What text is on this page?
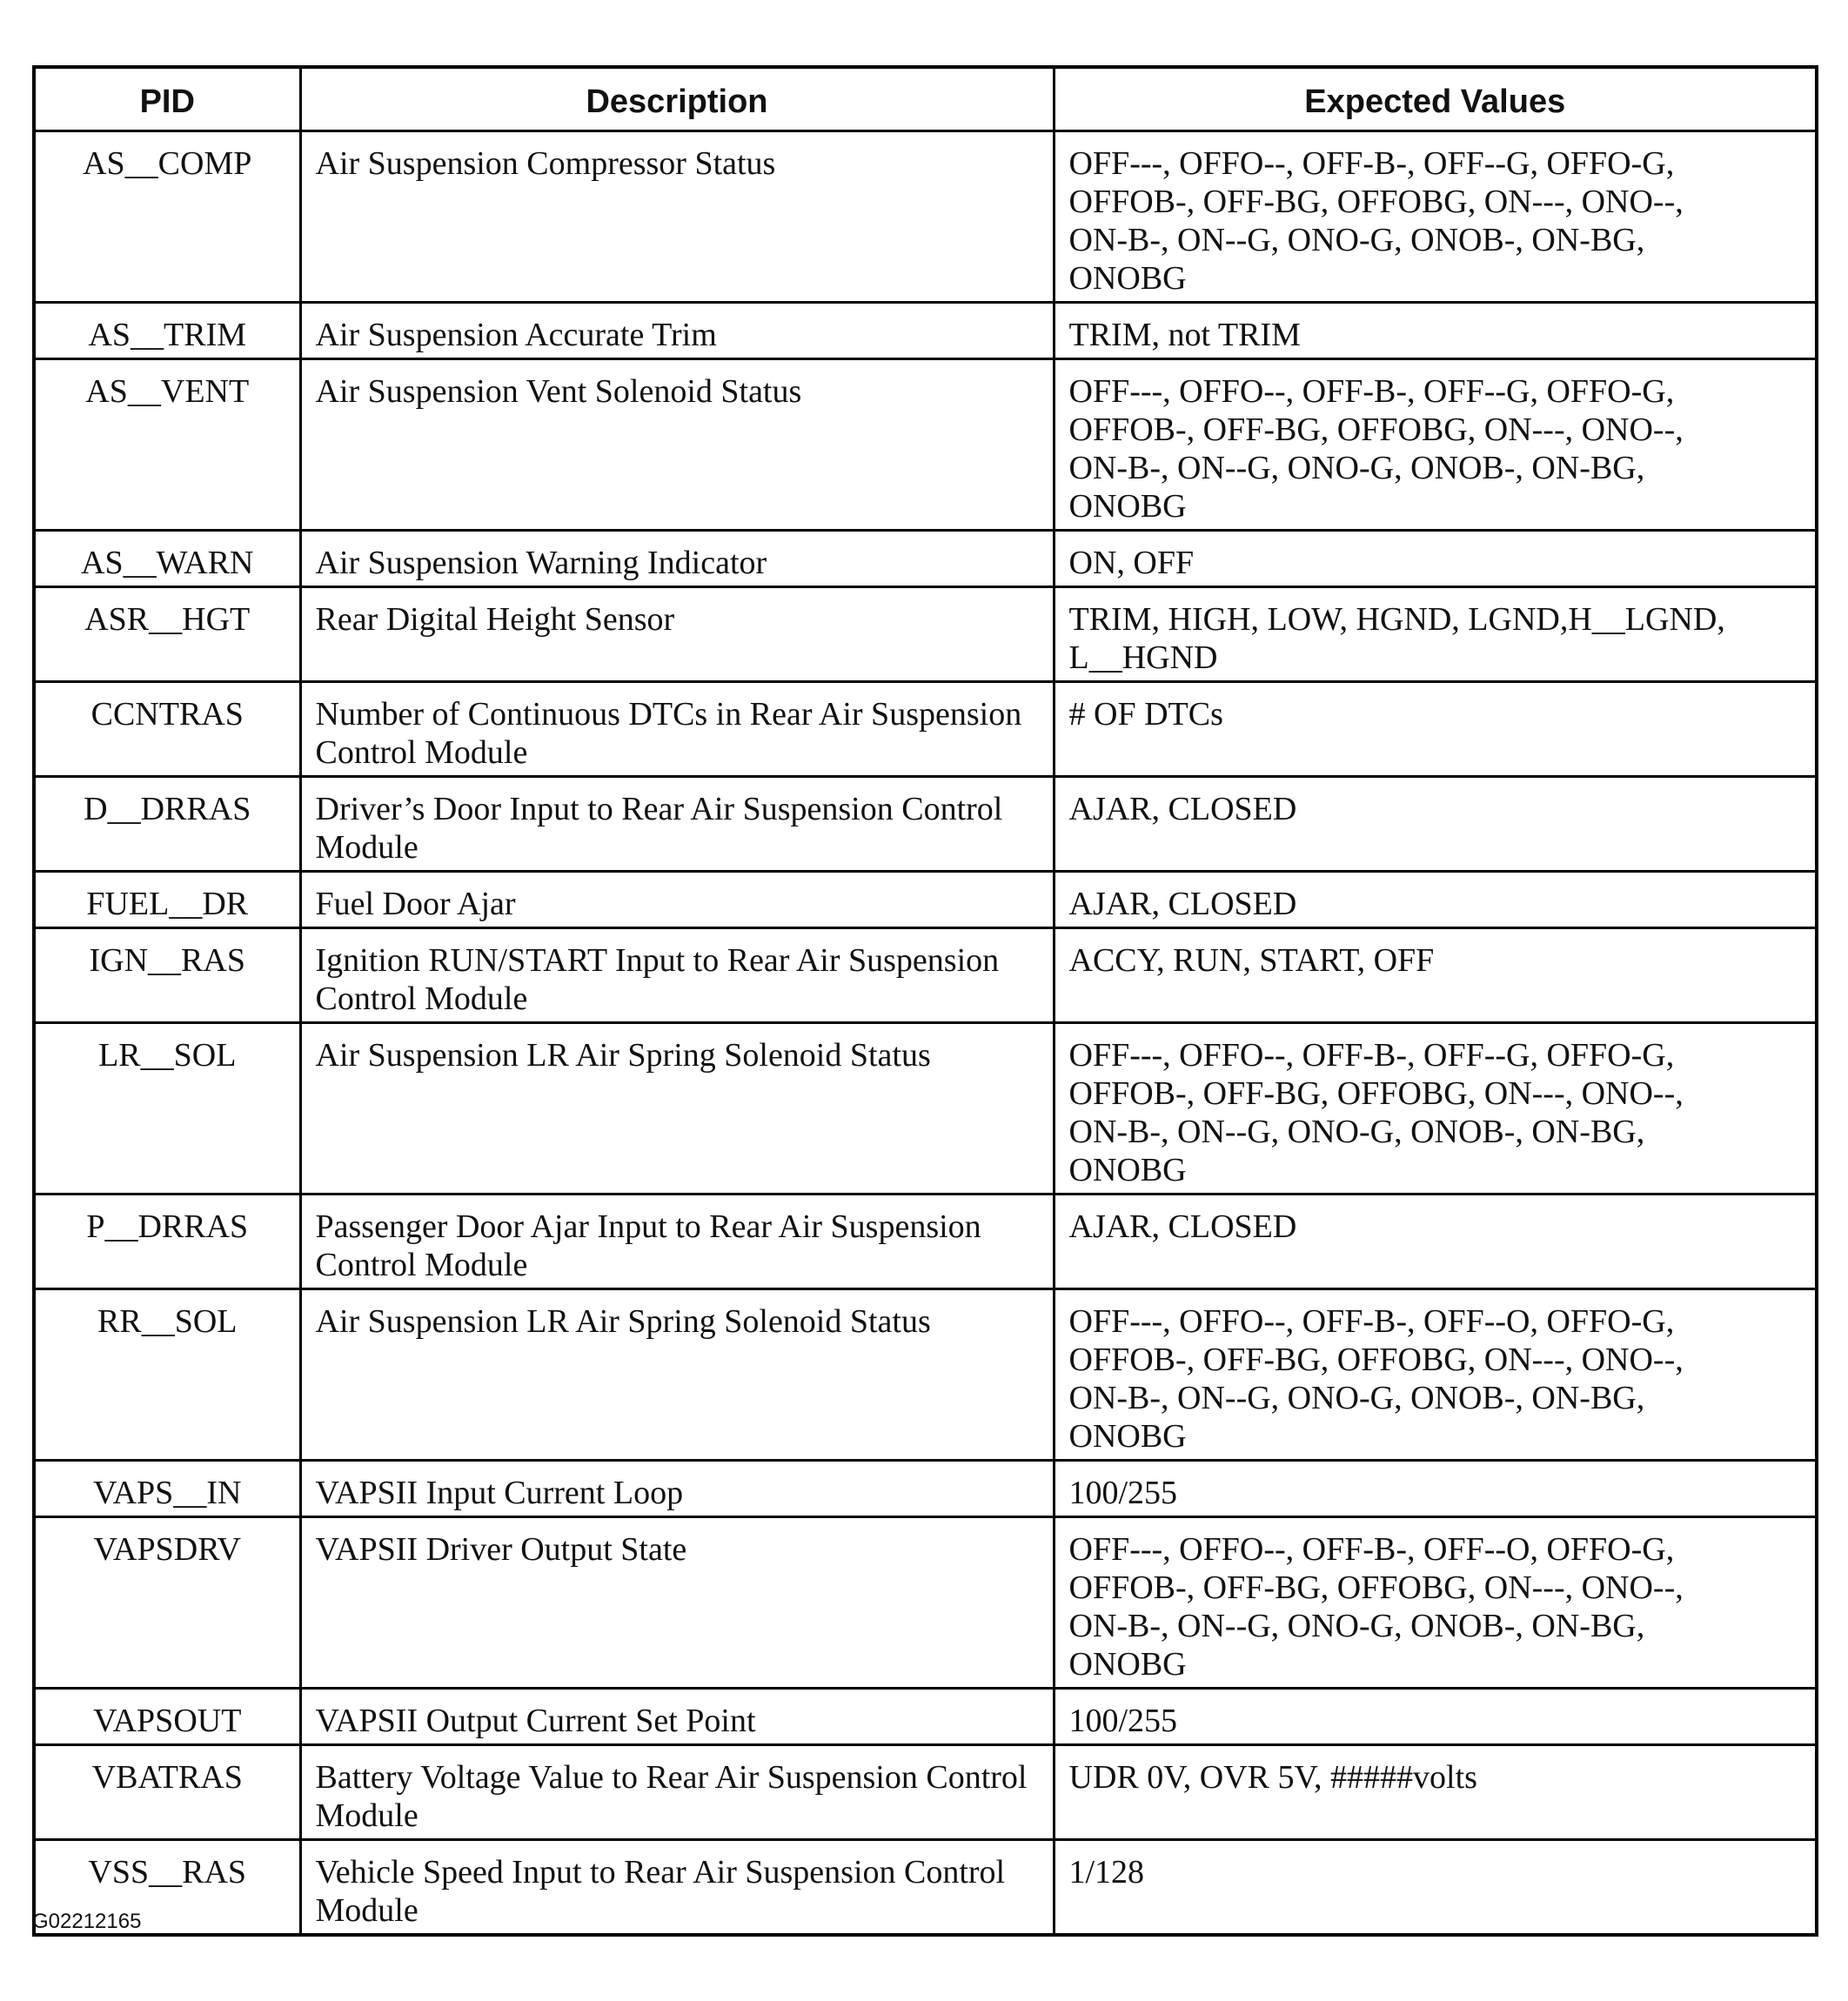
PID	Description	Expected Values
AS__COMP	Air Suspension Compressor Status	OFF---, OFFO--, OFF-B-, OFF--G, OFFO-G,
OFFOB-, OFF-BG, OFFOBG, ON---, ONO--,
ON-B-, ON--G, ONO-G, ONOB-, ON-BG,
ONOBG

AS__TRIM	Air Suspension Accurate Trim	TRIM, not TRIM

AS__VENT	Air Suspension Vent Solenoid Status	OFF---, OFFO--, OFF-B-, OFF--G, OFFO-G,
OFFOB-, OFF-BG, OFFOBG, ON---, ONO--,
ON-B-, ON--G, ONO-G, ONOB-, ON-BG,
ONOBG

AS__WARN	Air Suspension Warning Indicator	ON, OFF

ASR__HGT	Rear Digital Height Sensor	TRIM, HIGH, LOW, HGND, LGND,H__LGND,
L__HGND

CCNTRAS	Number of Continuous DTCs in Rear Air Suspension Control Module	# OF DTCs

D__DRRAS	Driver’s Door Input to Rear Air Suspension Control Module	AJAR, CLOSED

FUEL__DR	Fuel Door Ajar	AJAR, CLOSED

IGN__RAS	Ignition RUN/START Input to Rear Air Suspension Control Module	ACCY, RUN, START, OFF

LR__SOL	Air Suspension LR Air Spring Solenoid Status	OFF---, OFFO--, OFF-B-, OFF--G, OFFO-G,
OFFOB-, OFF-BG, OFFOBG, ON---, ONO--,
ON-B-, ON--G, ONO-G, ONOB-, ON-BG,
ONOBG

P__DRRAS	Passenger Door Ajar Input to Rear Air Suspension Control Module	AJAR, CLOSED

RR__SOL	Air Suspension LR Air Spring Solenoid Status	OFF---, OFFO--, OFF-B-, OFF--O, OFFO-G,
OFFOB-, OFF-BG, OFFOBG, ON---, ONO--,
ON-B-, ON--G, ONO-G, ONOB-, ON-BG,
ONOBG

VAPS__IN	VAPSII Input Current Loop	100/255

VAPSDRV	VAPSII Driver Output State	OFF---, OFFO--, OFF-B-, OFF--O, OFFO-G,
OFFOB-, OFF-BG, OFFOBG, ON---, ONO--,
ON-B-, ON--G, ONO-G, ONOB-, ON-BG,
ONOBG

VAPSOUT	VAPSII Output Current Set Point	100/255

VBATRAS	Battery Voltage Value to Rear Air Suspension Control Module	UDR 0V, OVR 5V, #####volts

VSS__RAS	Vehicle Speed Input to Rear Air Suspension Control Module	1/128
G02212165
